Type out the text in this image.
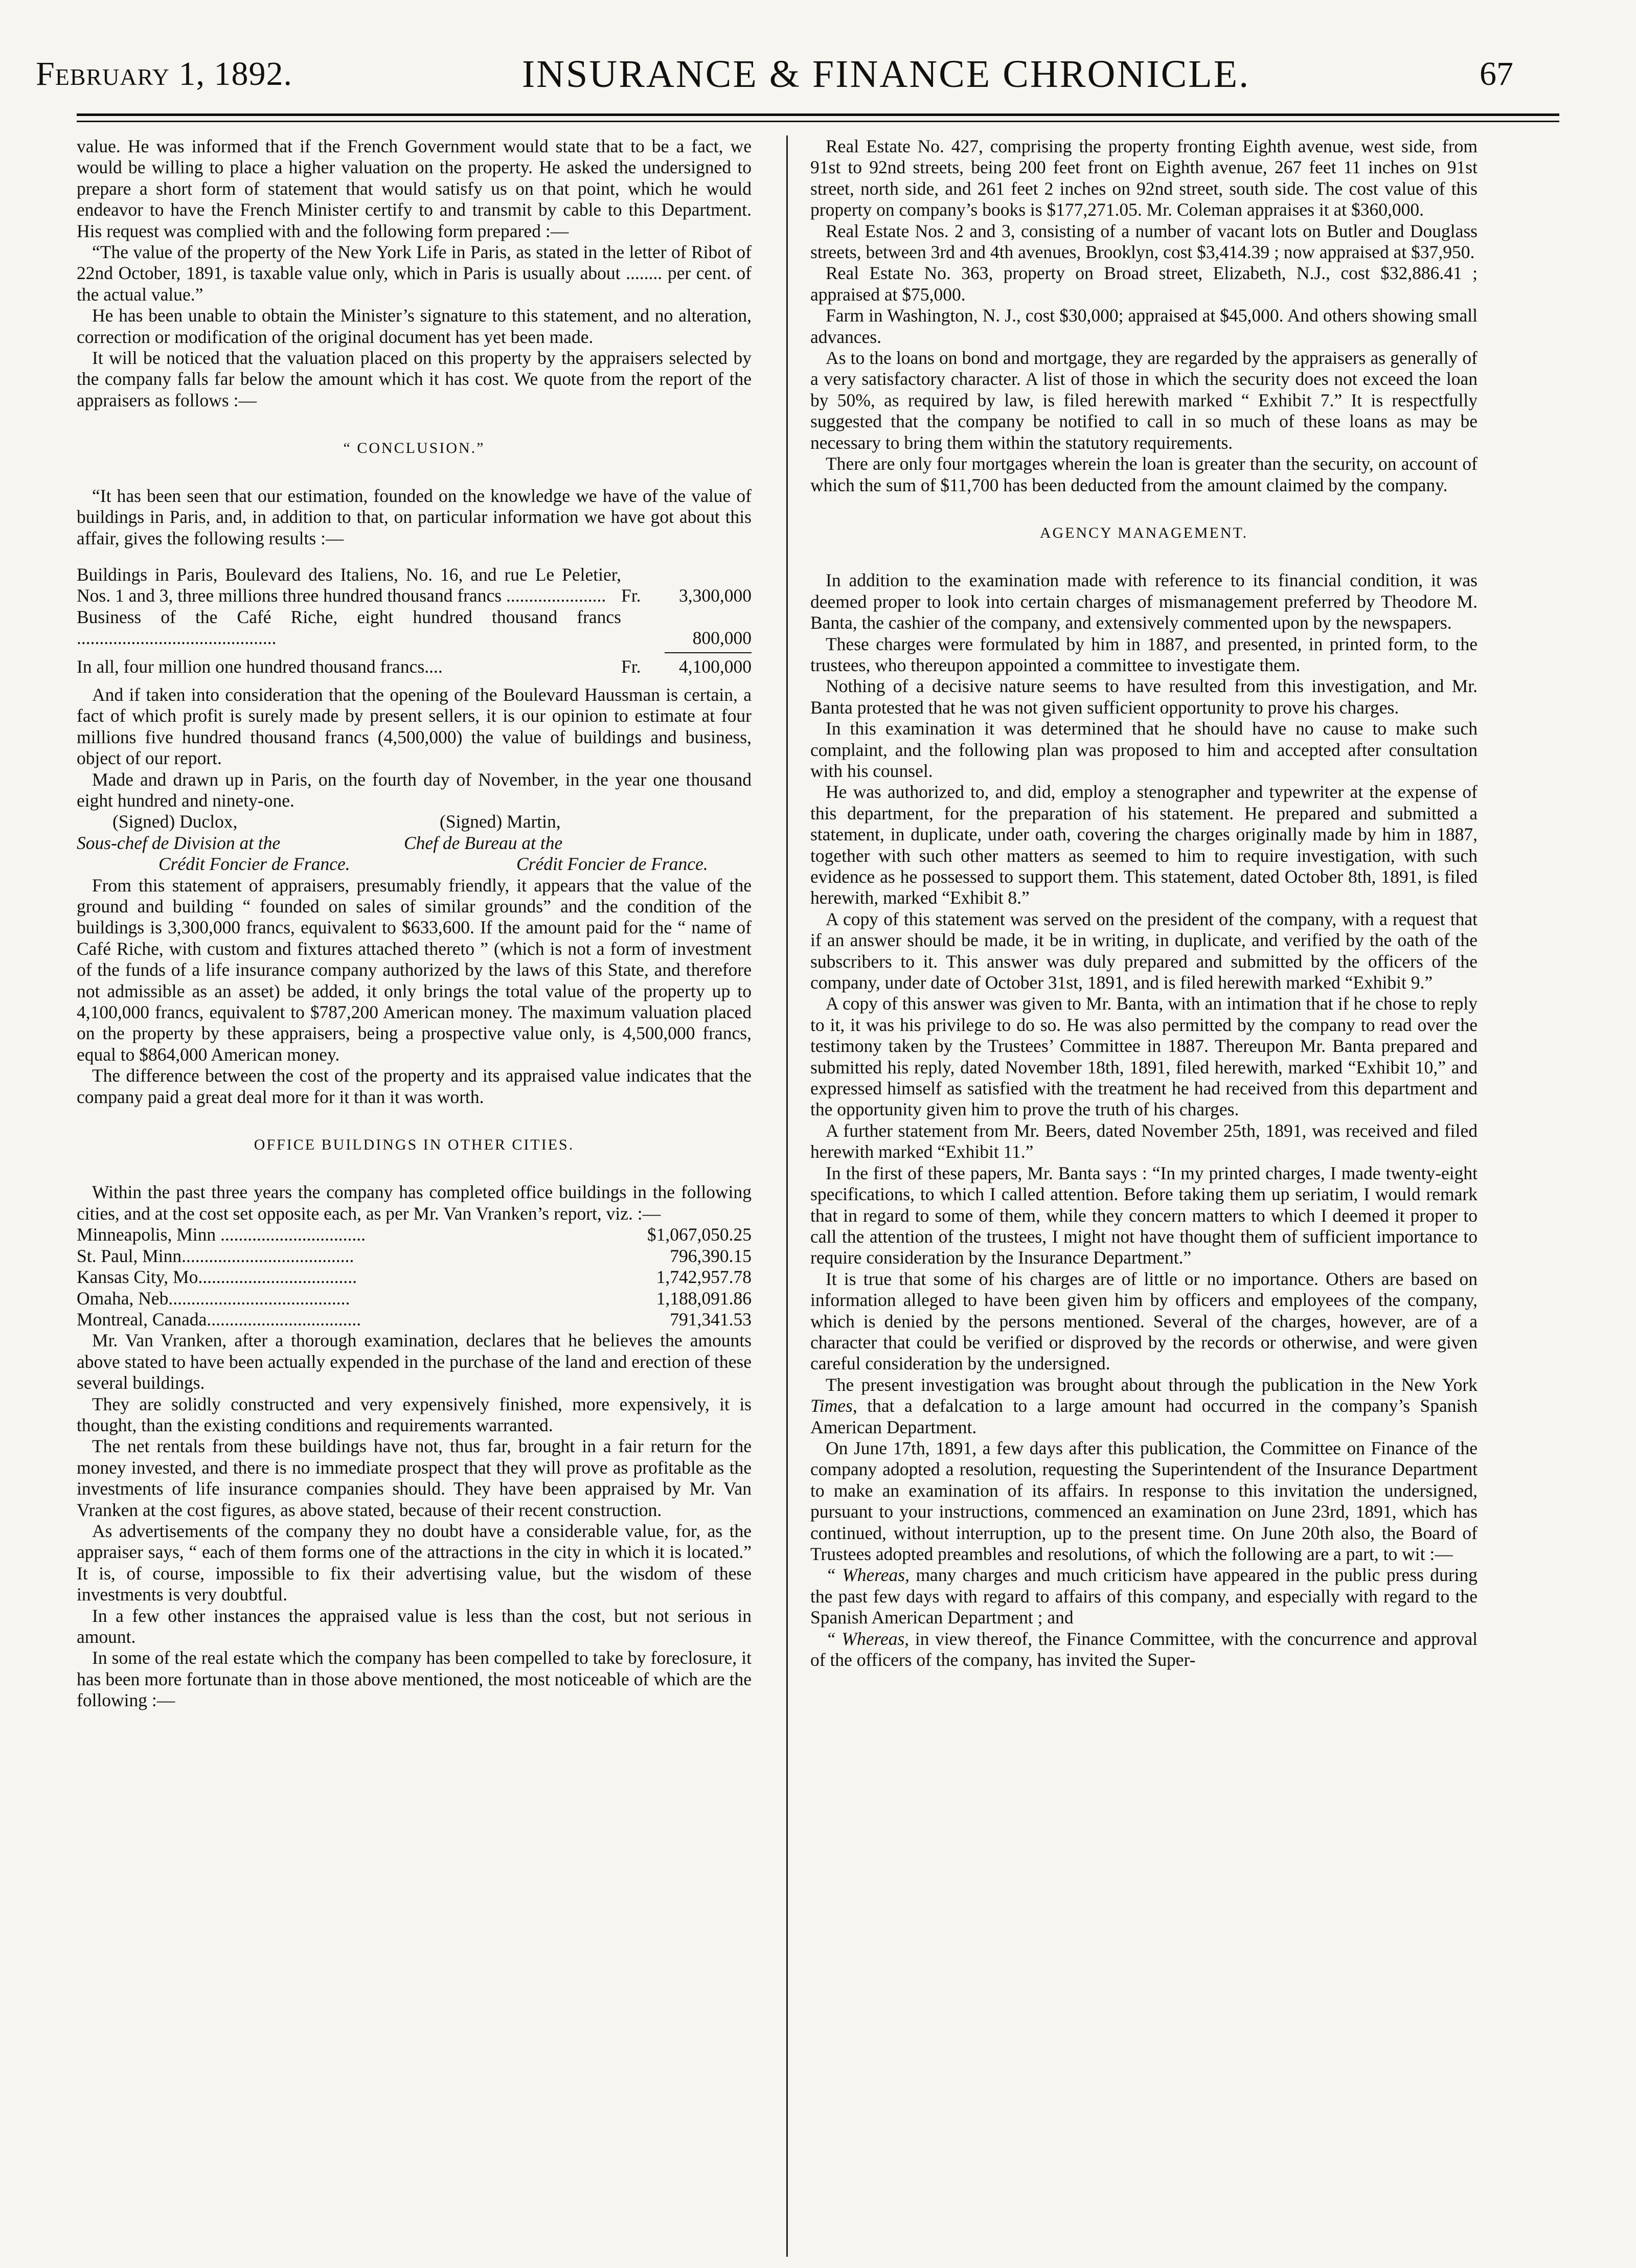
February 1, 1892.	INSURANCE & FINANCE CHRONICLE.	67

value. He was informed that if the French Government would state that to be a fact, we would be willing to place a higher valuation on the property. He asked the undersigned to prepare a short form of statement that would satisfy us on that point, which he would endeavor to have the French Minister certify to and transmit by cable to this Department. His request was complied with and the following form prepared :—

“The value of the property of the New York Life in Paris, as stated in the letter of Ribot of 22nd October, 1891, is taxable value only, which in Paris is usually about ........ per cent. of the actual value.”

He has been unable to obtain the Minister’s signature to this statement, and no alteration, correction or modification of the original document has yet been made.

It will be noticed that the valuation placed on this property by the appraisers selected by the company falls far below the amount which it has cost. We quote from the report of the appraisers as follows :—

“ CONCLUSION.”

“It has been seen that our estimation, founded on the knowledge we have of the value of buildings in Paris, and, in addition to that, on particular information we have got about this affair, gives the following results :—

Buildings in Paris, Boulevard des Italiens, No. 16, and rue Le Peletier, Nos. 1 and 3, three millions three hundred thousand francs ...................... Fr.	3,300,000
Business of the Café Riche, eight hundred thousand francs ............................................	800,000
In all, four million one hundred thousand francs....	Fr.	4,100,000

And if taken into consideration that the opening of the Boulevard Haussman is certain, a fact of which profit is surely made by present sellers, it is our opinion to estimate at four millions five hundred thousand francs (4,500,000) the value of buildings and business, object of our report.

Made and drawn up in Paris, on the fourth day of November, in the year one thousand eight hundred and ninety-one.

(Signed) Duclox,	(Signed) Martin,
Sous-chef de Division at the	Chef de Bureau at the
Crédit Foncier de France.	Crédit Foncier de France.

From this statement of appraisers, presumably friendly, it appears that the value of the ground and building “ founded on sales of similar grounds” and the condition of the buildings is 3,300,000 francs, equivalent to $633,600. If the amount paid for the “ name of Café Riche, with custom and fixtures attached thereto ” (which is not a form of investment of the funds of a life insurance company authorized by the laws of this State, and therefore not admissible as an asset) be added, it only brings the total value of the property up to 4,100,000 francs, equivalent to $787,200 American money. The maximum valuation placed on the property by these appraisers, being a prospective value only, is 4,500,000 francs, equal to $864,000 American money.

The difference between the cost of the property and its appraised value indicates that the company paid a great deal more for it than it was worth.

OFFICE BUILDINGS IN OTHER CITIES.

Within the past three years the company has completed office buildings in the following cities, and at the cost set opposite each, as per Mr. Van Vranken’s report, viz. :—

Minneapolis, Minn ................................	$1,067,050.25
St. Paul, Minn......................................	796,390.15
Kansas City, Mo...................................	1,742,957.78
Omaha, Neb........................................	1,188,091.86
Montreal, Canada..................................	791,341.53

Mr. Van Vranken, after a thorough examination, declares that he believes the amounts above stated to have been actually expended in the purchase of the land and erection of these several buildings.

They are solidly constructed and very expensively finished, more expensively, it is thought, than the existing conditions and requirements warranted.

The net rentals from these buildings have not, thus far, brought in a fair return for the money invested, and there is no immediate prospect that they will prove as profitable as the investments of life insurance companies should. They have been appraised by Mr. Van Vranken at the cost figures, as above stated, because of their recent construction.

As advertisements of the company they no doubt have a considerable value, for, as the appraiser says, “ each of them forms one of the attractions in the city in which it is located.” It is, of course, impossible to fix their advertising value, but the wisdom of these investments is very doubtful.

In a few other instances the appraised value is less than the cost, but not serious in amount.

In some of the real estate which the company has been compelled to take by foreclosure, it has been more fortunate than in those above mentioned, the most noticeable of which are the following :—

Real Estate No. 427, comprising the property fronting Eighth avenue, west side, from 91st to 92nd streets, being 200 feet front on Eighth avenue, 267 feet 11 inches on 91st street, north side, and 261 feet 2 inches on 92nd street, south side. The cost value of this property on company’s books is $177,271.05. Mr. Coleman appraises it at $360,000.

Real Estate Nos. 2 and 3, consisting of a number of vacant lots on Butler and Douglass streets, between 3rd and 4th avenues, Brooklyn, cost $3,414.39 ; now appraised at $37,950.

Real Estate No. 363, property on Broad street, Elizabeth, N.J., cost $32,886.41 ; appraised at $75,000.

Farm in Washington, N. J., cost $30,000; appraised at $45,000. And others showing small advances.

As to the loans on bond and mortgage, they are regarded by the appraisers as generally of a very satisfactory character. A list of those in which the security does not exceed the loan by 50%, as required by law, is filed herewith marked “ Exhibit 7.” It is respectfully suggested that the company be notified to call in so much of these loans as may be necessary to bring them within the statutory requirements.

There are only four mortgages wherein the loan is greater than the security, on account of which the sum of $11,700 has been deducted from the amount claimed by the company.

AGENCY MANAGEMENT.

In addition to the examination made with reference to its financial condition, it was deemed proper to look into certain charges of mismanagement preferred by Theodore M. Banta, the cashier of the company, and extensively commented upon by the newspapers.

These charges were formulated by him in 1887, and presented, in printed form, to the trustees, who thereupon appointed a committee to investigate them.

Nothing of a decisive nature seems to have resulted from this investigation, and Mr. Banta protested that he was not given sufficient opportunity to prove his charges.

In this examination it was determined that he should have no cause to make such complaint, and the following plan was proposed to him and accepted after consultation with his counsel.

He was authorized to, and did, employ a stenographer and typewriter at the expense of this department, for the preparation of his statement. He prepared and submitted a statement, in duplicate, under oath, covering the charges originally made by him in 1887, together with such other matters as seemed to him to require investigation, with such evidence as he possessed to support them. This statement, dated October 8th, 1891, is filed herewith, marked “Exhibit 8.”

A copy of this statement was served on the president of the company, with a request that if an answer should be made, it be in writing, in duplicate, and verified by the oath of the subscribers to it. This answer was duly prepared and submitted by the officers of the company, under date of October 31st, 1891, and is filed herewith marked “Exhibit 9.”

A copy of this answer was given to Mr. Banta, with an intimation that if he chose to reply to it, it was his privilege to do so. He was also permitted by the company to read over the testimony taken by the Trustees’ Committee in 1887. Thereupon Mr. Banta prepared and submitted his reply, dated November 18th, 1891, filed herewith, marked “Exhibit 10,” and expressed himself as satisfied with the treatment he had received from this department and the opportunity given him to prove the truth of his charges.

A further statement from Mr. Beers, dated November 25th, 1891, was received and filed herewith marked “Exhibit 11.”

In the first of these papers, Mr. Banta says : “In my printed charges, I made twenty-eight specifications, to which I called attention. Before taking them up seriatim, I would remark that in regard to some of them, while they concern matters to which I deemed it proper to call the attention of the trustees, I might not have thought them of sufficient importance to require consideration by the Insurance Department.”

It is true that some of his charges are of little or no importance. Others are based on information alleged to have been given him by officers and employees of the company, which is denied by the persons mentioned. Several of the charges, however, are of a character that could be verified or disproved by the records or otherwise, and were given careful consideration by the undersigned.

The present investigation was brought about through the publication in the New York Times, that a defalcation to a large amount had occurred in the company’s Spanish American Department.

On June 17th, 1891, a few days after this publication, the Committee on Finance of the company adopted a resolution, requesting the Superintendent of the Insurance Department to make an examination of its affairs. In response to this invitation the undersigned, pursuant to your instructions, commenced an examination on June 23rd, 1891, which has continued, without interruption, up to the present time. On June 20th also, the Board of Trustees adopted preambles and resolutions, of which the following are a part, to wit :—

“ Whereas, many charges and much criticism have appeared in the public press during the past few days with regard to affairs of this company, and especially with regard to the Spanish American Department ; and

“ Whereas, in view thereof, the Finance Committee, with the concurrence and approval of the officers of the company, has invited the Super-
